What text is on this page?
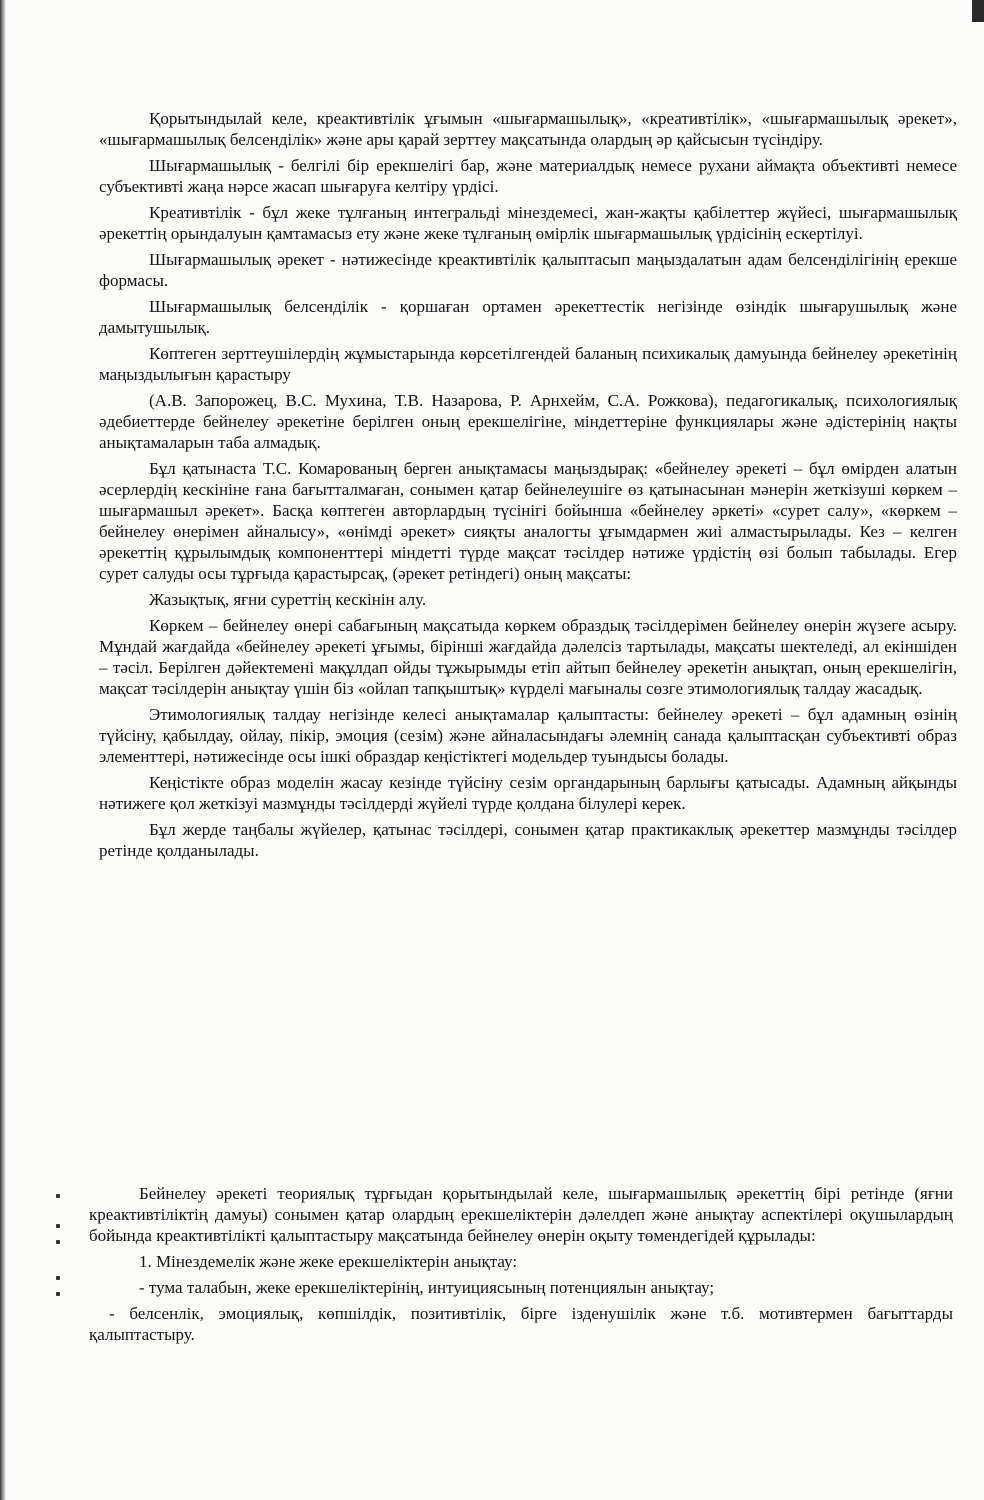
Қорытындылай келе, креактивтілік ұғымын «шығармашылық», «креативтілік», «шығармашылық әрекет», «шығармашылық белсенділік» және ары қарай зерттеу мақсатында олардың әр қайсысын түсіндіру.

Шығармашылық - белгілі бір ерекшелігі бар, және материалдық немесе рухани аймақта объективті немесе субъективті жаңа нәрсе жасап шығаруға келтіру үрдісі.

Креативтілік - бұл жеке тұлғаның интегральді мінездемесі, жан-жақты қабілеттер жүйесі, шығармашылық әрекеттің орындалуын қамтамасыз ету және жеке тұлғаның өмірлік шығармашылық үрдісінің ескертілуі.

Шығармашылық әрекет - нәтижесінде креактивтілік қалыптасып маңыздалатын адам белсенділігінің ерекше формасы.

Шығармашылық белсенділік - қоршаған ортамен әрекеттестік негізінде өзіндік шығарушылық және дамытушылық.

Көптеген зерттеушілердің жұмыстарында көрсетілгендей баланың психикалық дамуында бейнелеу әрекетінің маңыздылығын қарастыру

(А.В. Запорожец, В.С. Мухина, Т.В. Назарова, Р. Арнхейм, С.А. Рожкова), педагогикалық, психологиялық әдебиеттерде бейнелеу әрекетіне берілген оның ерекшелігіне, міндеттеріне функциялары және әдістерінің нақты анықтамаларын таба алмадық.

Бұл қатынаста Т.С. Комарованың берген анықтамасы маңыздырақ: «бейнелеу әрекеті – бұл өмірден алатын әсерлердің кескініне ғана бағытталмаған, сонымен қатар бейнелеушіге өз қатынасынан мәнерін жеткізуші көркем – шығармашыл әрекет». Басқа көптеген авторлардың түсінігі бойынша «бейнелеу әркеті» «сурет салу», «көркем – бейнелеу өнерімен айналысу», «өнімді әрекет» сияқты аналогты ұғымдармен жиі алмастырылады. Кез – келген әрекеттің құрылымдық компоненттері міндетті түрде мақсат тәсілдер нәтиже үрдістің өзі болып табылады. Егер сурет салуды осы тұрғыда қарастырсақ, (әрекет ретіндегі) оның мақсаты:

Жазықтық, яғни суреттің кескінін алу.

Көркем – бейнелеу өнері сабағының мақсатыда көркем образдық тәсілдерімен бейнелеу өнерін жүзеге асыру. Мұндай жағдайда «бейнелеу әрекеті ұғымы, бірінші жағдайда дәлелсіз тартылады, мақсаты шектеледі, ал екіншіден – тәсіл. Берілген дәйектемені мақұлдап ойды тұжырымды етіп айтып бейнелеу әрекетін анықтап, оның ерекшелігін, мақсат тәсілдерін анықтау үшін біз «ойлап тапқыштық» күрделі мағыналы сөзге этимологиялық талдау жасадық.

Этимологиялық талдау негізінде келесі анықтамалар қалыптасты: бейнелеу әрекеті – бұл адамның өзінің түйсіну, қабылдау, ойлау, пікір, эмоция (сезім) және айналасындағы әлемнің санада қалыптасқан субъективті образ элементтері, нәтижесінде осы ішкі образдар кеңістіктегі модельдер туындысы болады.

Кеңістікте образ моделін жасау кезінде түйсіну сезім органдарының барлығы қатысады. Адамның айқынды нәтижеге қол жеткізуі мазмұнды тәсілдерді жүйелі түрде қолдана білулері керек.

Бұл жерде таңбалы жүйелер, қатынас тәсілдері, сонымен қатар практикаклық әрекеттер мазмұнды тәсілдер ретінде қолданылады.

Бейнелеу әрекеті теориялық тұрғыдан қорытындылай келе, шығармашылық әрекеттің бірі ретінде (яғни креактивтіліктің дамуы) сонымен қатар олардың ерекшеліктерін дәлелдеп және анықтау аспектілері оқушылардың бойында креактивтілікті қалыптастыру мақсатында бейнелеу өнерін оқыту төмендегідей құрылады:

1. Мінездемелік және жеке ерекшеліктерін анықтау:

- тума талабын, жеке ерекшеліктерінің, интуициясының потенциялын анықтау;

- белсенлік, эмоциялық, көпшілдік, позитивтілік, бірге ізденушілік және т.б. мотивтермен бағыттарды қалыптастыру.
